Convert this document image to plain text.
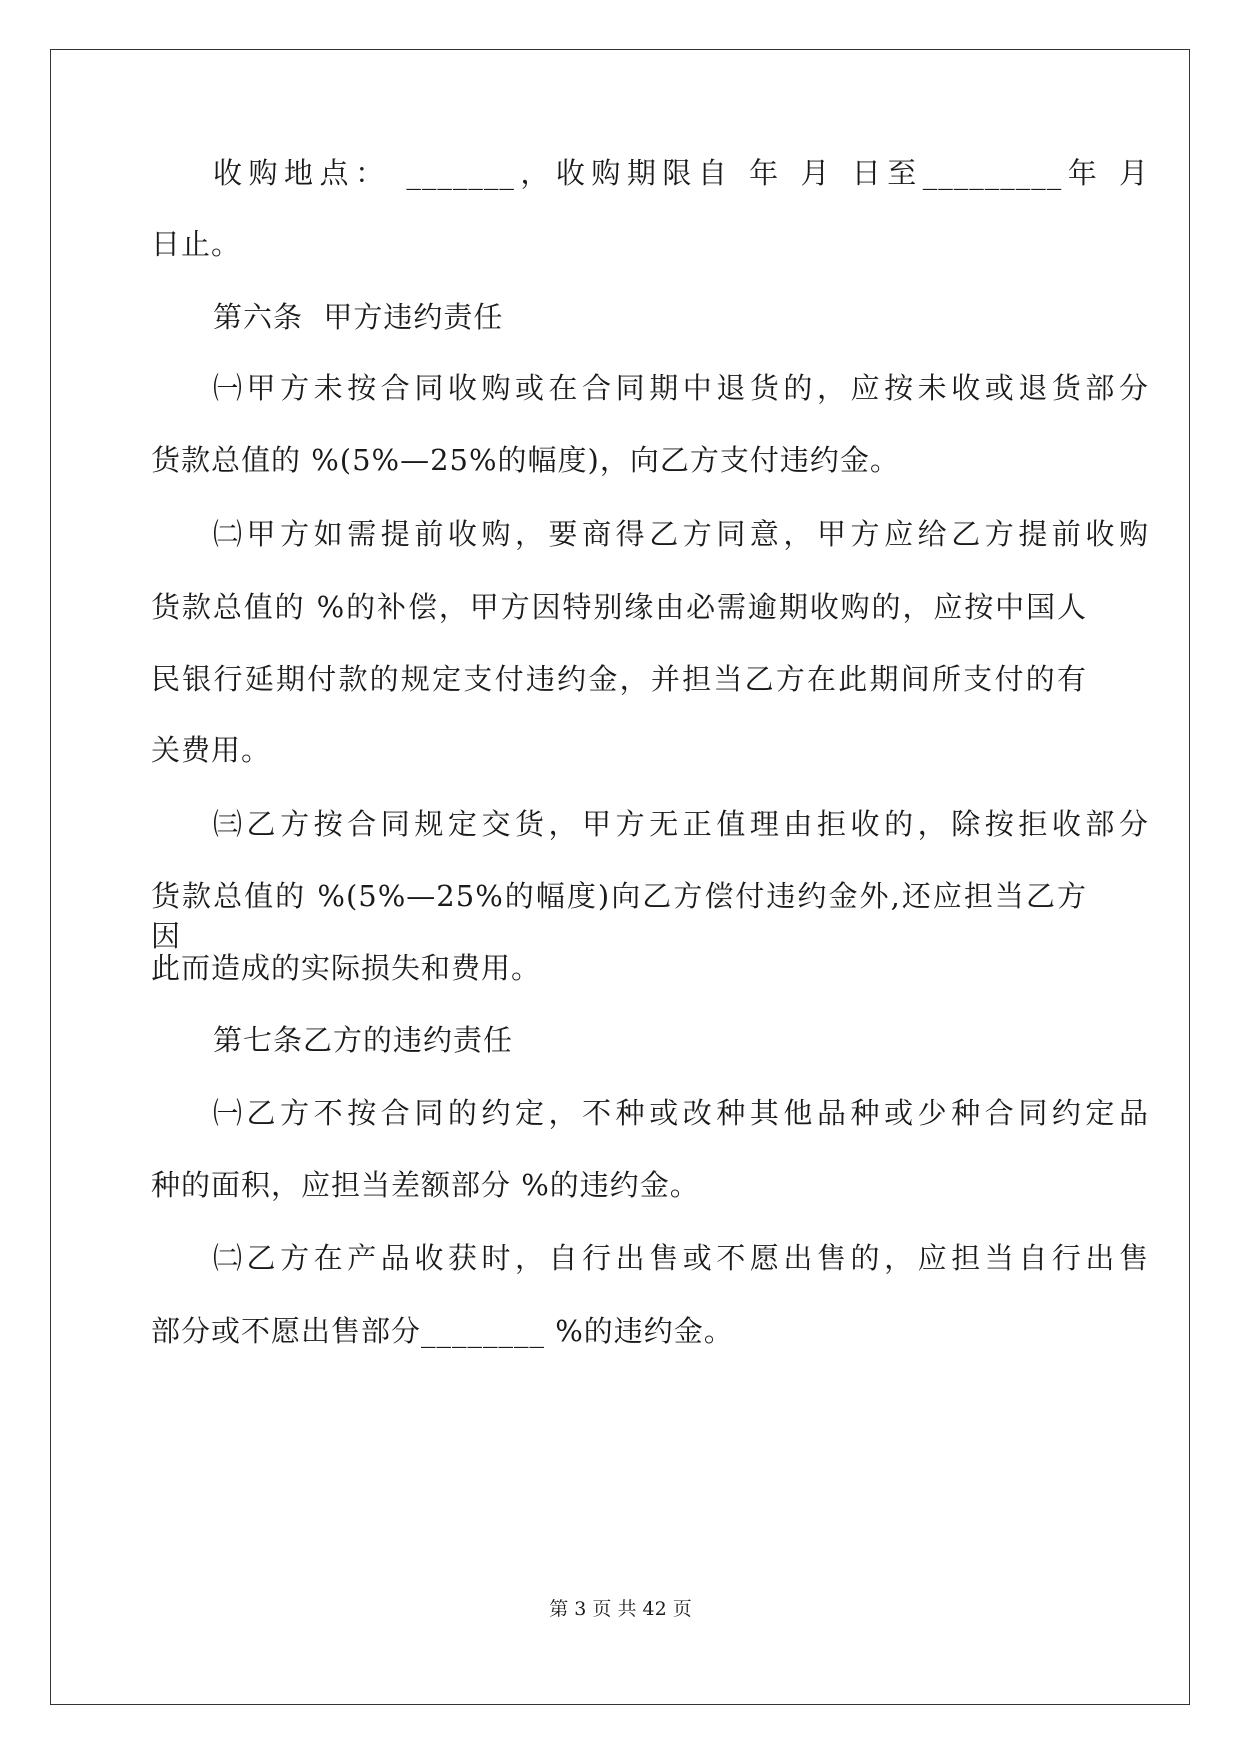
收购地点： _______，收购期限自 年 月 日至_________年 月
日止。
第六条  甲方违约责任
㈠甲方未按合同收购或在合同期中退货的，应按未收或退货部分
货款总值的 %(5%—25%的幅度)，向乙方支付违约金。
㈡甲方如需提前收购，要商得乙方同意，甲方应给乙方提前收购
货款总值的 %的补偿，甲方因特别缘由必需逾期收购的，应按中国人
民银行延期付款的规定支付违约金，并担当乙方在此期间所支付的有
关费用。
㈢乙方按合同规定交货，甲方无正值理由拒收的，除按拒收部分
货款总值的 %(5%—25%的幅度)向乙方偿付违约金外,还应担当乙方因
此而造成的实际损失和费用。
第七条乙方的违约责任
㈠乙方不按合同的约定，不种或改种其他品种或少种合同约定品
种的面积，应担当差额部分 %的违约金。
㈡乙方在产品收获时，自行出售或不愿出售的，应担当自行出售
部分或不愿出售部分________ %的违约金。
第 3 页 共 42 页
